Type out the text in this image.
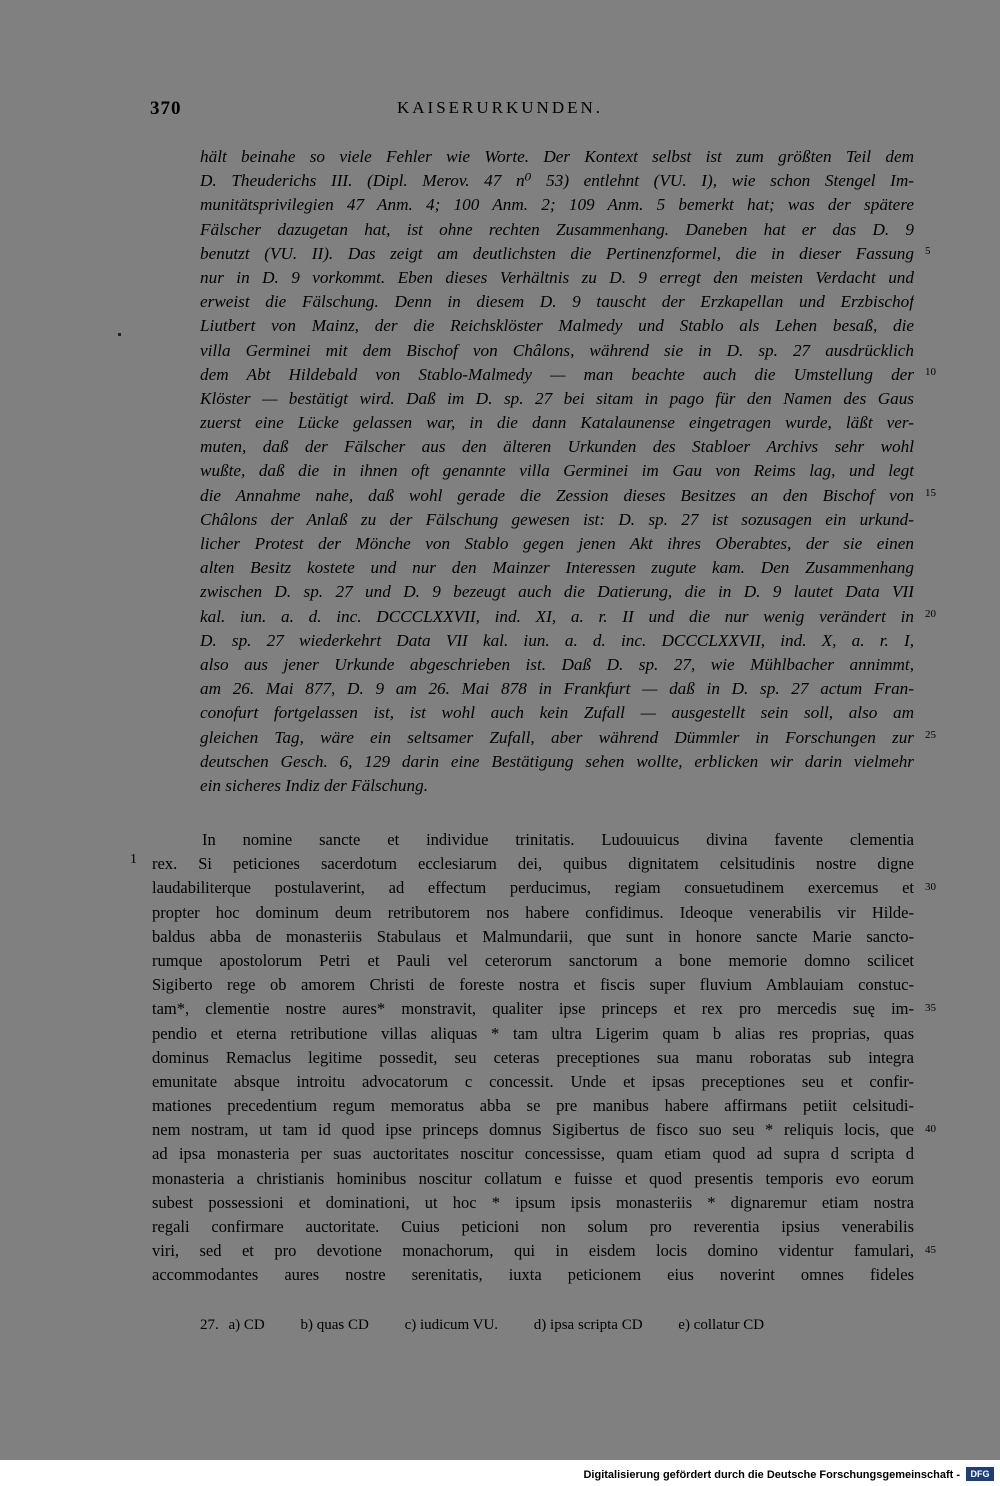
370	KAISERURKUNDEN.
hält beinahe so viele Fehler wie Worte. Der Kontext selbst ist zum größten Teil dem
D. Theuderichs III. (Dipl. Merov. 47 n⁰ 53) entlehnt (VU. I), wie schon Stengel Im-
munitätsprivilegien 47 Anm. 4; 100 Anm. 2; 109 Anm. 5 bemerkt hat; was der spätere
Fälscher dazugetan hat, ist ohne rechten Zusammenhang. Daneben hat er das D. 9
benutzt (VU. II). Das zeigt am deutlichsten die Pertinenzformel, die in dieser Fassung
nur in D. 9 vorkommt. Eben dieses Verhältnis zu D. 9 erregt den meisten Verdacht und
erweist die Fälschung. Denn in diesem D. 9 tauscht der Erzkapellan und Erzbischof
Liutbert von Mainz, der die Reichsklöster Malmedy und Stablo als Lehen besaß, die
villa Germinei mit dem Bischof von Châlons, während sie in D. sp. 27 ausdrücklich
dem Abt Hildebald von Stablo-Malmedy — man beachte auch die Umstellung der
Klöster — bestätigt wird. Daß im D. sp. 27 bei sitam in pago für den Namen des Gaus
zuerst eine Lücke gelassen war, in die dann Katalaunense eingetragen wurde, läßt ver-
muten, daß der Fälscher aus den älteren Urkunden des Stabloer Archivs sehr wohl
wußte, daß die in ihnen oft genannte villa Germinei im Gau von Reims lag, und legt
die Annahme nahe, daß wohl gerade die Zession dieses Besitzes an den Bischof von
Châlons der Anlaß zu der Fälschung gewesen ist: D. sp. 27 ist sozusagen ein urkund-
licher Protest der Mönche von Stablo gegen jenen Akt ihres Oberabtes, der sie einen
alten Besitz kostete und nur den Mainzer Interessen zugute kam. Den Zusammenhang
zwischen D. sp. 27 und D. 9 bezeugt auch die Datierung, die in D. 9 lautet Data VII
kal. iun. a. d. inc. DCCCLXXVII, ind. XI, a. r. II und die nur wenig verändert in
D. sp. 27 wiederkehrt Data VII kal. iun. a. d. inc. DCCCLXXVII, ind. X, a. r. I,
also aus jener Urkunde abgeschrieben ist. Daß D. sp. 27, wie Mühlbacher annimmt,
am 26. Mai 877, D. 9 am 26. Mai 878 in Frankfurt — daß in D. sp. 27 actum Fran-
conofurt fortgelassen ist, ist wohl auch kein Zufall — ausgestellt sein soll, also am
gleichen Tag, wäre ein seltsamer Zufall, aber während Dümmler in Forschungen zur
deutschen Gesch. 6, 129 darin eine Bestätigung sehen wollte, erblicken wir darin vielmehr
ein sicheres Indiz der Fälschung.
5
10
15
20
25
In nomine sancte et individue trinitatis. Ludouuicus divina favente clementia
rex. Si peticiones sacerdotum ecclesiarum dei, quibus dignitatem celsitudinis nostre digne
laudabiliterque postulaverint, ad effectum perducimus, regiam consuetudinem exercemus et
propter hoc dominum deum retributorem nos habere confidimus. Ideoque venerabilis vir Hilde-
baldus abba de monasteriis Stabulaus et Malmundarii, que sunt in honore sancte Marie sancto-
rumque apostolorum Petri et Pauli vel ceterorum sanctorum a bone memorie domno scilicet
Sigiberto rege ob amorem Christi de foreste nostra et fiscis super fluvium Amblauiam constuc-
tam*, clementie nostre aures* monstravit, qualiter ipse princeps et rex pro mercedis suę im-
pendio et eterna retributione villas aliquas * tam ultra Ligerim quam b alias res proprias, quas
dominus Remaclus legitime possedit, seu ceteras preceptiones sua manu roboratas sub integra
emunitate absque introitu advocatorum c concessit. Unde et ipsas preceptiones seu et confir-
mationes precedentium regum memoratus abba se pre manibus habere affirmans petiit celsitudi-
nem nostram, ut tam id quod ipse princeps domnus Sigibertus de fisco suo seu * reliquis locis, que
ad ipsa monasteria per suas auctoritates noscitur concessisse, quam etiam quod ad supra d scripta d
monasteria a christianis hominibus noscitur collatum e fuisse et quod presentis temporis evo eorum
subest possessioni et dominationi, ut hoc * ipsum ipsis monasteriis * dignaremur etiam nostra
regali confirmare auctoritate. Cuius peticioni non solum pro reverentia ipsius venerabilis
viri, sed et pro devotione monachorum, qui in eisdem locis domino videntur famulari,
accommodantes aures nostre serenitatis, iuxta peticionem eius noverint omnes fideles
1
30
35
40
45
27. a) CD b) quas CD c) iudicum VU. d) ipsa scripta CD e) collatur CD
Digitalisierung gefördert durch die Deutsche Forschungsgemeinschaft -	DFG
